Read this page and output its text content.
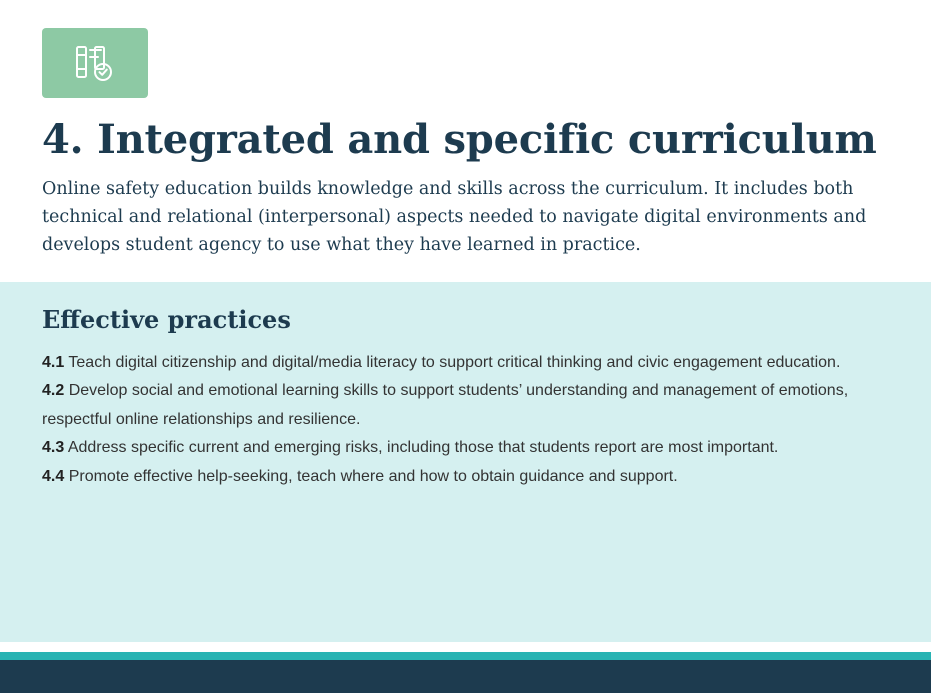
4. Integrated and specific curriculum

Online safety education builds knowledge and skills across the curriculum. It includes both technical and relational (interpersonal) aspects needed to navigate digital environments and develops student agency to use what they have learned in practice.

Effective practices
4.1 Teach digital citizenship and digital/media literacy to support critical thinking and civic engagement education.
4.2 Develop social and emotional learning skills to support students’ understanding and management of emotions, respectful online relationships and resilience.
4.3 Address specific current and emerging risks, including those that students report are most important.
4.4 Promote effective help-seeking, teach where and how to obtain guidance and support.
